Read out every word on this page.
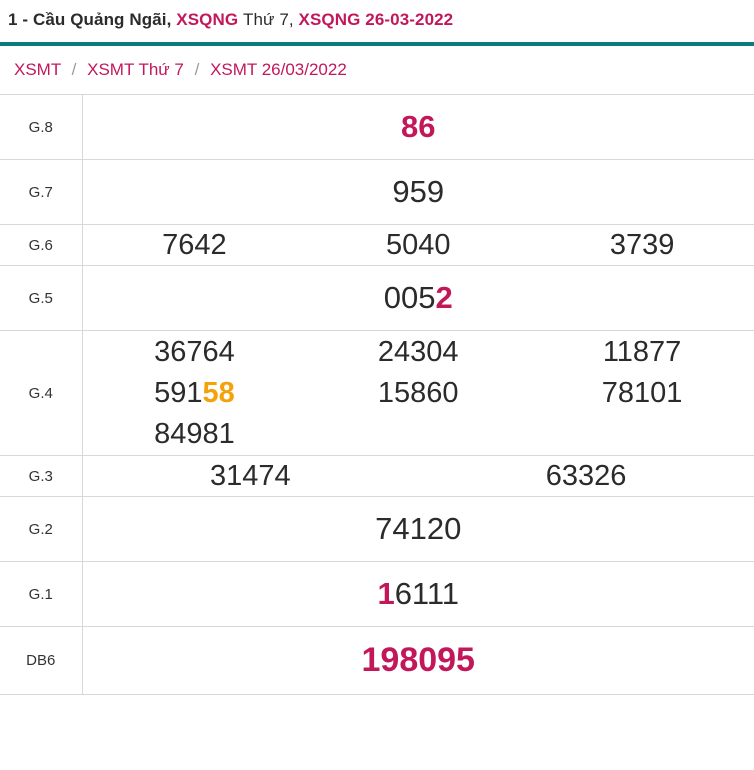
1 - Cầu Quảng Ngãi, XSQNG Thứ 7, XSQNG 26-03-2022
XSMT / XSMT Thứ 7 / XSMT 26/03/2022
G.8	86

G.7	959

G.6	7642 5040 3739

G.5	0052

G.4	
36764	24304	11877
59158	15860	78101
84981

G.3	31474 63326

G.2	74120

G.1	16111

DB6	198095
